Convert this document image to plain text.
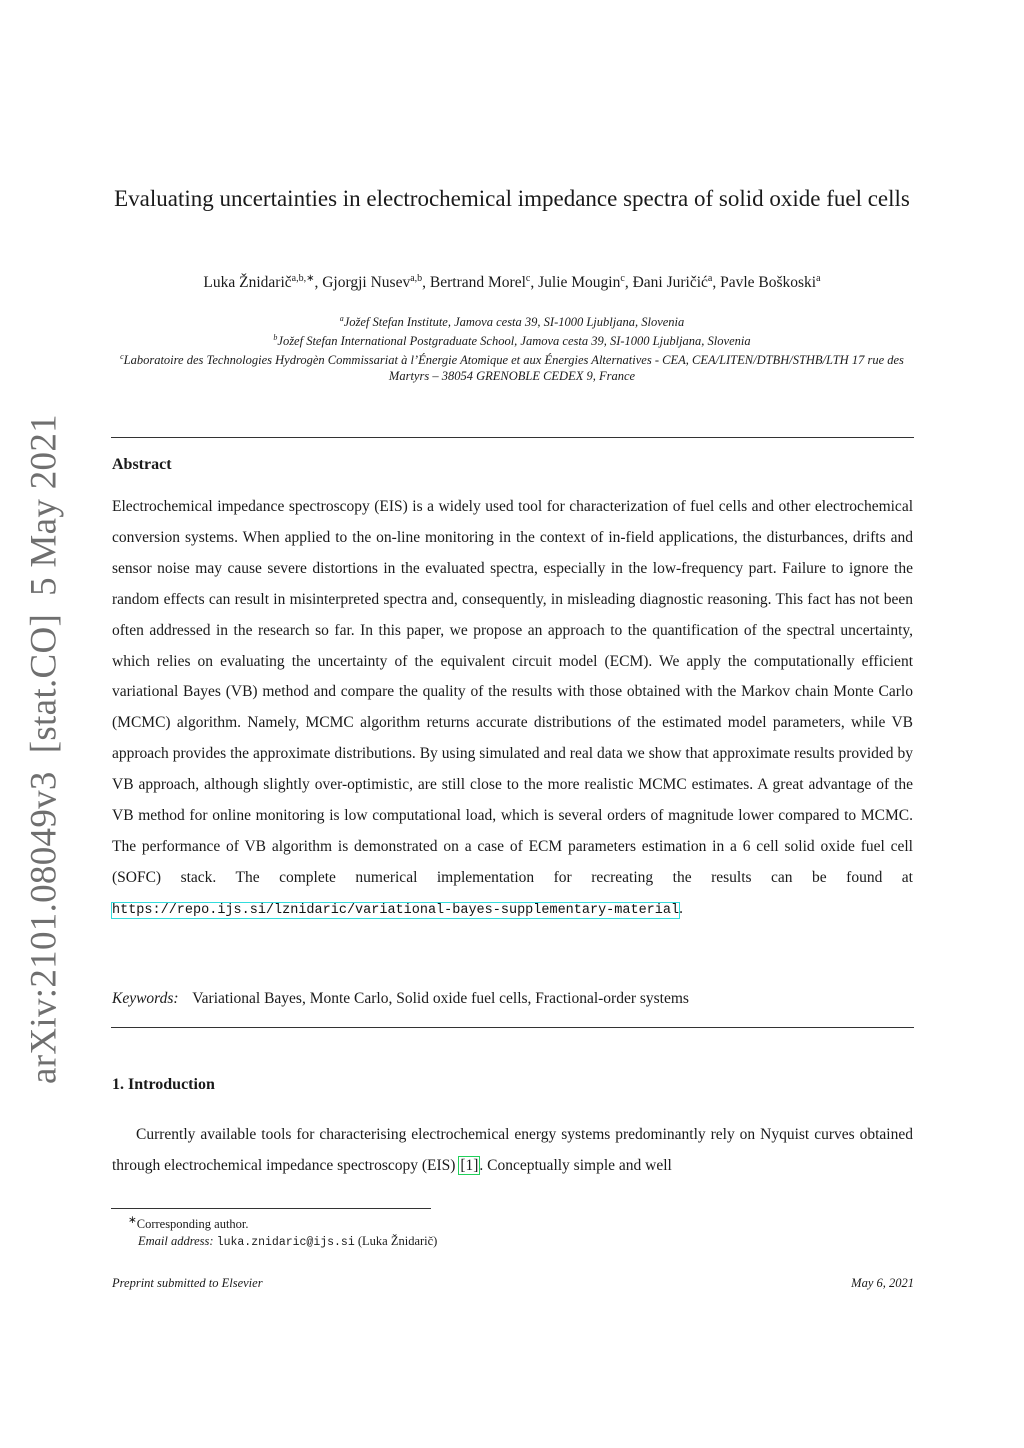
arXiv:2101.08049v3[stat.CO]5 May 2021
Evaluating uncertainties in electrochemical impedance spectra of solid oxide fuel cells
Luka Žnidarič$^{a,b,∗}$, Gjorgji Nusev$^{a,b}$, Bertrand Morel$^c$, Julie Mougin$^c$, Đani Juričić$^a$, Pavle Boškoski$^a$
$^a$Jožef Stefan Institute, Jamova cesta 39, SI-1000 Ljubljana, Slovenia
$^b$Jožef Stefan International Postgraduate School, Jamova cesta 39, SI-1000 Ljubljana, Slovenia
$^c$Laboratoire des Technologies Hydrogèn Commissariat à l’Énergie Atomique et aux Énergies Alternatives - CEA, CEA/LITEN/DTBH/STHB/LTH 17 rue des Martyrs – 38054 GRENOBLE CEDEX 9, France
Abstract
Electrochemical impedance spectroscopy (EIS) is a widely used tool for characterization of fuel cells and other electrochemical conversion systems. When applied to the on-line monitoring in the context of in-field applications, the disturbances, drifts and sensor noise may cause severe distortions in the evaluated spectra, especially in the low-frequency part. Failure to ignore the random effects can result in misinterpreted spectra and, consequently, in misleading diagnostic reasoning. This fact has not been often addressed in the research so far. In this paper, we propose an approach to the quantification of the spectral uncertainty, which relies on evaluating the uncertainty of the equivalent circuit model (ECM). We apply the computationally efficient variational Bayes (VB) method and compare the quality of the results with those obtained with the Markov chain Monte Carlo (MCMC) algorithm. Namely, MCMC algorithm returns accurate distributions of the estimated model parameters, while VB approach provides the approximate distributions. By using simulated and real data we show that approximate results provided by VB approach, although slightly over-optimistic, are still close to the more realistic MCMC estimates. A great advantage of the VB method for online monitoring is low computational load, which is several orders of magnitude lower compared to MCMC. The performance of VB algorithm is demonstrated on a case of ECM parameters estimation in a 6 cell solid oxide fuel cell (SOFC) stack. The complete numerical implementation for recreating the results can be found at https://repo.ijs.si/lznidaric/variational-bayes-supplementary-material.
Keywords: Variational Bayes, Monte Carlo, Solid oxide fuel cells, Fractional-order systems
1. Introduction
Currently available tools for characterising electrochemical energy systems predominantly rely on Nyquist curves obtained through electrochemical impedance spectroscopy (EIS) [1]. Conceptually simple and well
∗Corresponding author.
Email address: luka.znidaric@ijs.si (Luka Žnidarič)
Preprint submitted to Elsevier	May 6, 2021
